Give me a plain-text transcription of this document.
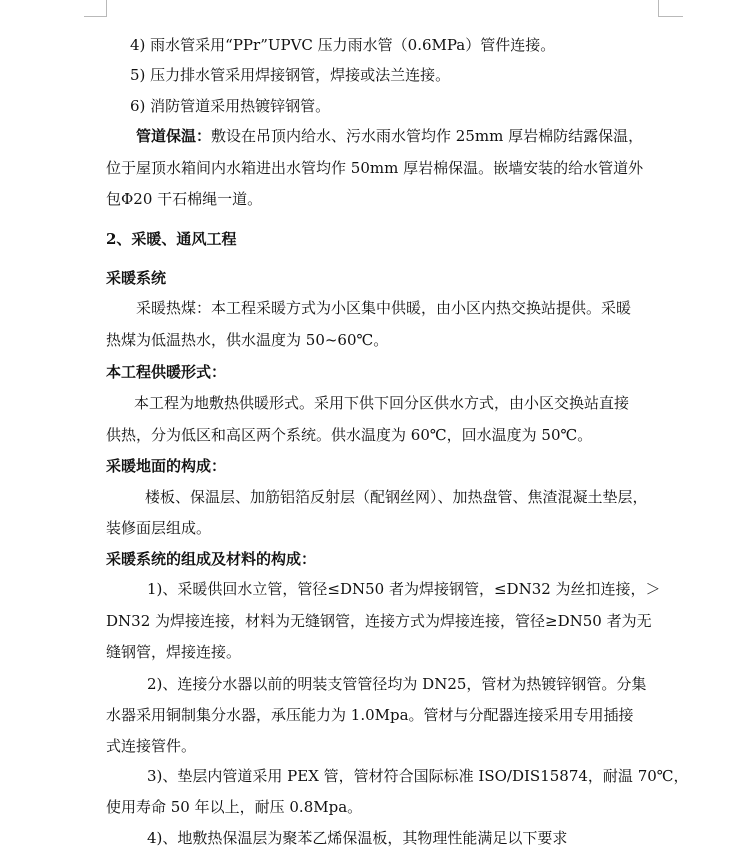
4) 雨水管采用“PPr”UPVC 压力雨水管（0.6MPa）管件连接。
5) 压力排水管采用焊接钢管，焊接或法兰连接。
6) 消防管道采用热镀锌钢管。
管道保温：敷设在吊顶内给水、污水雨水管均作 25mm 厚岩棉防结露保温，
位于屋顶水箱间内水箱进出水管均作 50mm 厚岩棉保温。嵌墙安装的给水管道外
包Φ20 干石棉绳一道。
2、采暖、通风工程
采暖系统
采暖热煤：本工程采暖方式为小区集中供暖，由小区内热交换站提供。采暖
热煤为低温热水，供水温度为 50~60℃。
本工程供暖形式：
本工程为地敷热供暖形式。采用下供下回分区供水方式，由小区交换站直接
供热，分为低区和高区两个系统。供水温度为 60℃，回水温度为 50℃。
采暖地面的构成：
楼板、保温层、加筋铝箔反射层（配钢丝网）、加热盘管、焦渣混凝土垫层，
装修面层组成。
采暖系统的组成及材料的构成：
1)、采暖供回水立管，管径≤DN50 者为焊接钢管，≤DN32 为丝扣连接，＞
DN32 为焊接连接，材料为无缝钢管，连接方式为焊接连接，管径≥DN50 者为无
缝钢管，焊接连接。
2)、连接分水器以前的明装支管管径均为 DN25，管材为热镀锌钢管。分集
水器采用铜制集分水器，承压能力为 1.0Mpa。管材与分配器连接采用专用插接
式连接管件。
3)、垫层内管道采用 PEX 管，管材符合国际标准 ISO/DIS15874，耐温 70℃，
使用寿命 50 年以上，耐压 0.8Mpa。
4)、地敷热保温层为聚苯乙烯保温板，其物理性能满足以下要求
